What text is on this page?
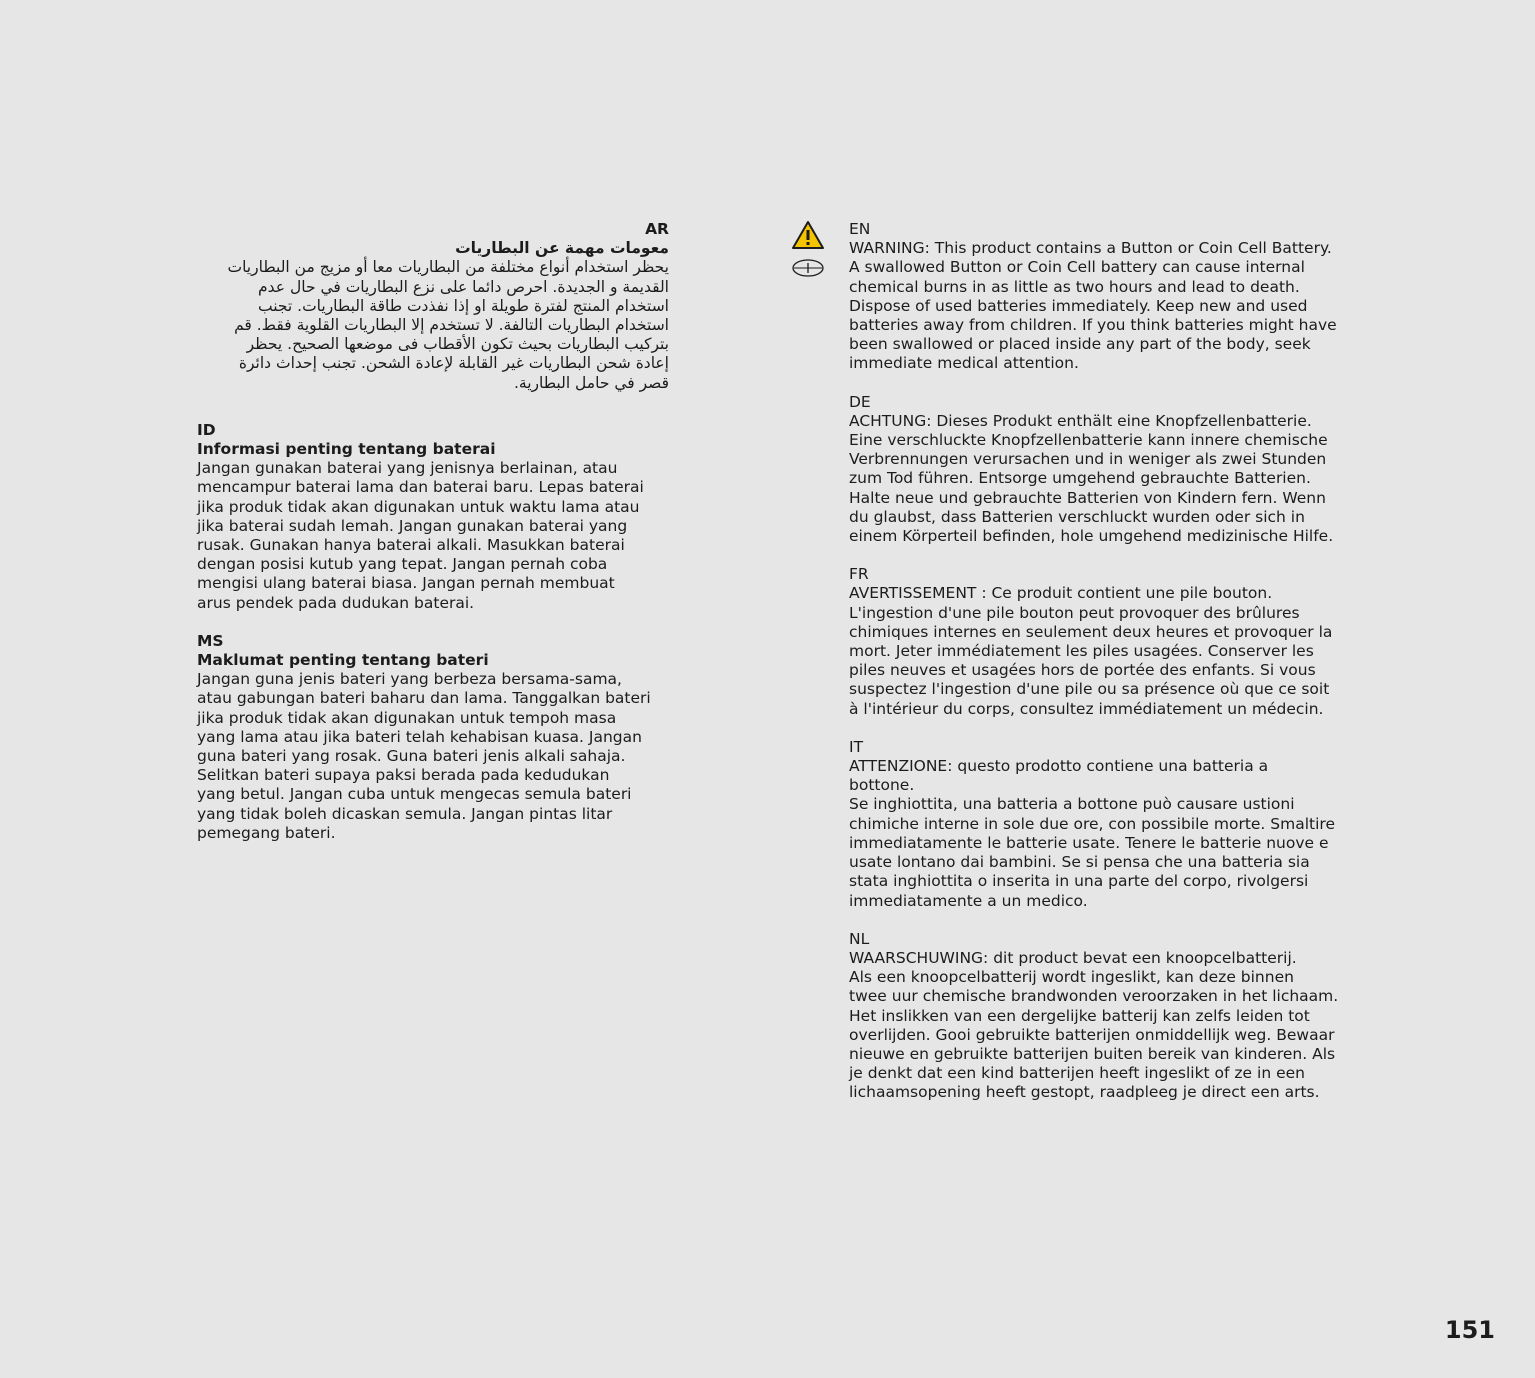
AR
معومات مهمة عن البطاريات
يحظر استخدام أنواع مختلفة من البطاريات معا أو مزيج من البطاريات
القديمة و الجديدة. احرص دائما على نزع البطاريات في حال عدم
استخدام المنتج لفترة طويلة او إذا نفذدت طاقة البطاريات. تجنب
استخدام البطاريات التالفة. لا تستخدم إلا البطاريات القلوية فقط. قم
بتركيب البطاريات بحيث تكون الأقطاب فى موضعها الصحيح. يحظر
إعادة شحن البطاريات غير القابلة لإعادة الشحن. تجنب إحداث دائرة
قصر في حامل البطارية.
ID
Informasi penting tentang baterai
Jangan gunakan baterai yang jenisnya berlainan, atau
mencampur baterai lama dan baterai baru. Lepas baterai
jika produk tidak akan digunakan untuk waktu lama atau
jika baterai sudah lemah. Jangan gunakan baterai yang
rusak. Gunakan hanya baterai alkali. Masukkan baterai
dengan posisi kutub yang tepat. Jangan pernah coba
mengisi ulang baterai biasa. Jangan pernah membuat
arus pendek pada dudukan baterai.
MS
Maklumat penting tentang bateri
Jangan guna jenis bateri yang berbeza bersama-sama,
atau gabungan bateri baharu dan lama. Tanggalkan bateri
jika produk tidak akan digunakan untuk tempoh masa
yang lama atau jika bateri telah kehabisan kuasa. Jangan
guna bateri yang rosak. Guna bateri jenis alkali sahaja.
Selitkan bateri supaya paksi berada pada kedudukan
yang betul. Jangan cuba untuk mengecas semula bateri
yang tidak boleh dicaskan semula. Jangan pintas litar
pemegang bateri.
EN
WARNING: This product contains a Button or Coin Cell Battery.
A swallowed Button or Coin Cell battery can cause internal
chemical burns in as little as two hours and lead to death.
Dispose of used batteries immediately. Keep new and used
batteries away from children. If you think batteries might have
been swallowed or placed inside any part of the body, seek
immediate medical attention.
DE
ACHTUNG: Dieses Produkt enthält eine Knopfzellenbatterie.
Eine verschluckte Knopfzellenbatterie kann innere chemische
Verbrennungen verursachen und in weniger als zwei Stunden
zum Tod führen. Entsorge umgehend gebrauchte Batterien.
Halte neue und gebrauchte Batterien von Kindern fern. Wenn
du glaubst, dass Batterien verschluckt wurden oder sich in
einem Körperteil befinden, hole umgehend medizinische Hilfe.
FR
AVERTISSEMENT : Ce produit contient une pile bouton.
L'ingestion d'une pile bouton peut provoquer des brûlures
chimiques internes en seulement deux heures et provoquer la
mort. Jeter immédiatement les piles usagées. Conserver les
piles neuves et usagées hors de portée des enfants. Si vous
suspectez l'ingestion d'une pile ou sa présence où que ce soit
à l'intérieur du corps, consultez immédiatement un médecin.
IT
ATTENZIONE: questo prodotto contiene una batteria a
bottone.
Se inghiottita, una batteria a bottone può causare ustioni
chimiche interne in sole due ore, con possibile morte. Smaltire
immediatamente le batterie usate. Tenere le batterie nuove e
usate lontano dai bambini. Se si pensa che una batteria sia
stata inghiottita o inserita in una parte del corpo, rivolgersi
immediatamente a un medico.
NL
WAARSCHUWING: dit product bevat een knoopcelbatterij.
Als een knoopcelbatterij wordt ingeslikt, kan deze binnen
twee uur chemische brandwonden veroorzaken in het lichaam.
Het inslikken van een dergelijke batterij kan zelfs leiden tot
overlijden. Gooi gebruikte batterijen onmiddellijk weg. Bewaar
nieuwe en gebruikte batterijen buiten bereik van kinderen. Als
je denkt dat een kind batterijen heeft ingeslikt of ze in een
lichaamsopening heeft gestopt, raadpleeg je direct een arts.
151
